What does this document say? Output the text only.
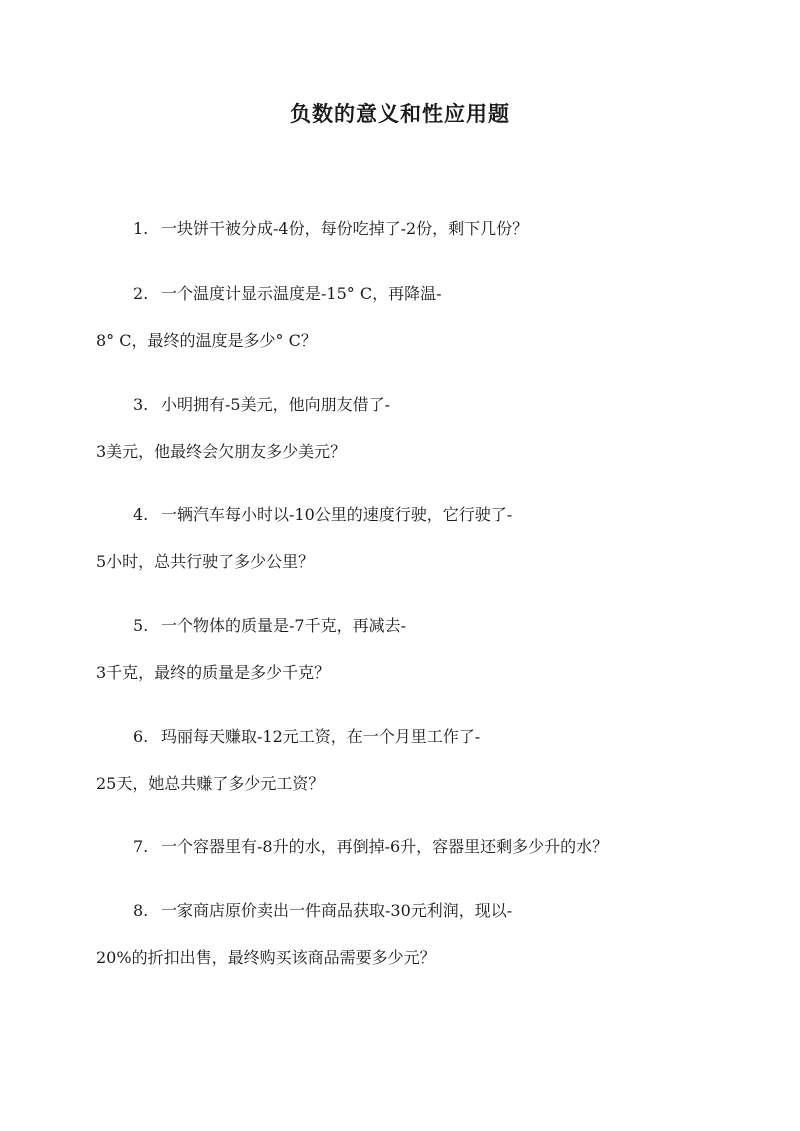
负数的意义和性应用题
1. 一块饼干被分成-4份，每份吃掉了-2份，剩下几份？
2. 一个温度计显示温度是-15° C，再降温-
8° C，最终的温度是多少° C？
3. 小明拥有-5美元，他向朋友借了-
3美元，他最终会欠朋友多少美元？
4. 一辆汽车每小时以-10公里的速度行驶，它行驶了-
5小时，总共行驶了多少公里？
5. 一个物体的质量是-7千克，再减去-
3千克，最终的质量是多少千克？
6. 玛丽每天赚取-12元工资，在一个月里工作了-
25天，她总共赚了多少元工资？
7. 一个容器里有-8升的水，再倒掉-6升，容器里还剩多少升的水？
8. 一家商店原价卖出一件商品获取-30元利润，现以-
20%的折扣出售，最终购买该商品需要多少元？
